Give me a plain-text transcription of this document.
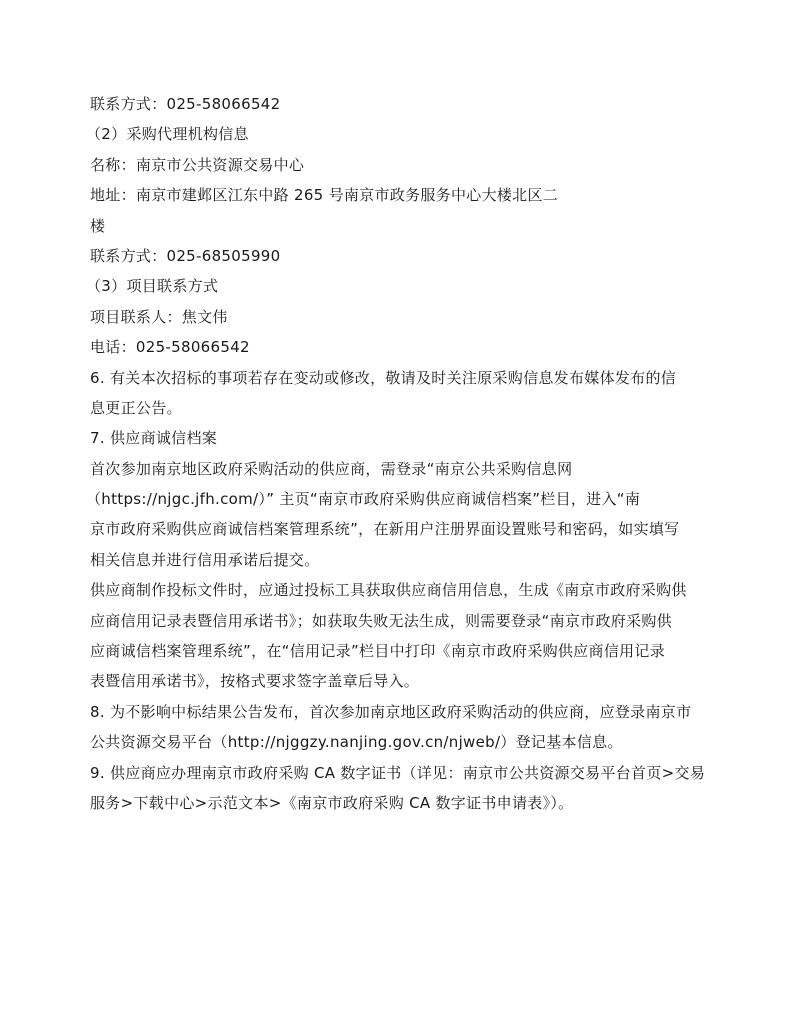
联系方式：025-58066542
（2）采购代理机构信息
名称：南京市公共资源交易中心
地址：南京市建邺区江东中路 265 号南京市政务服务中心大楼北区二
楼
联系方式：025-68505990
（3）项目联系方式
项目联系人：焦文伟
电话：025-58066542
6. 有关本次招标的事项若存在变动或修改，敬请及时关注原采购信息发布媒体发布的信
息更正公告。
7. 供应商诚信档案
首次参加南京地区政府采购活动的供应商，需登录“南京公共采购信息网
（https://njgc.jfh.com/）” 主页“南京市政府采购供应商诚信档案”栏目，进入“南
京市政府采购供应商诚信档案管理系统”，在新用户注册界面设置账号和密码，如实填写
相关信息并进行信用承诺后提交。
供应商制作投标文件时，应通过投标工具获取供应商信用信息，生成《南京市政府采购供
应商信用记录表暨信用承诺书》；如获取失败无法生成，则需要登录“南京市政府采购供
应商诚信档案管理系统”，在“信用记录”栏目中打印《南京市政府采购供应商信用记录
表暨信用承诺书》，按格式要求签字盖章后导入。
8. 为不影响中标结果公告发布，首次参加南京地区政府采购活动的供应商，应登录南京市
公共资源交易平台（http://njggzy.nanjing.gov.cn/njweb/）登记基本信息。
9. 供应商应办理南京市政府采购 CA 数字证书（详见：南京市公共资源交易平台首页>交易
服务>下载中心>示范文本>《南京市政府采购 CA 数字证书申请表》）。
